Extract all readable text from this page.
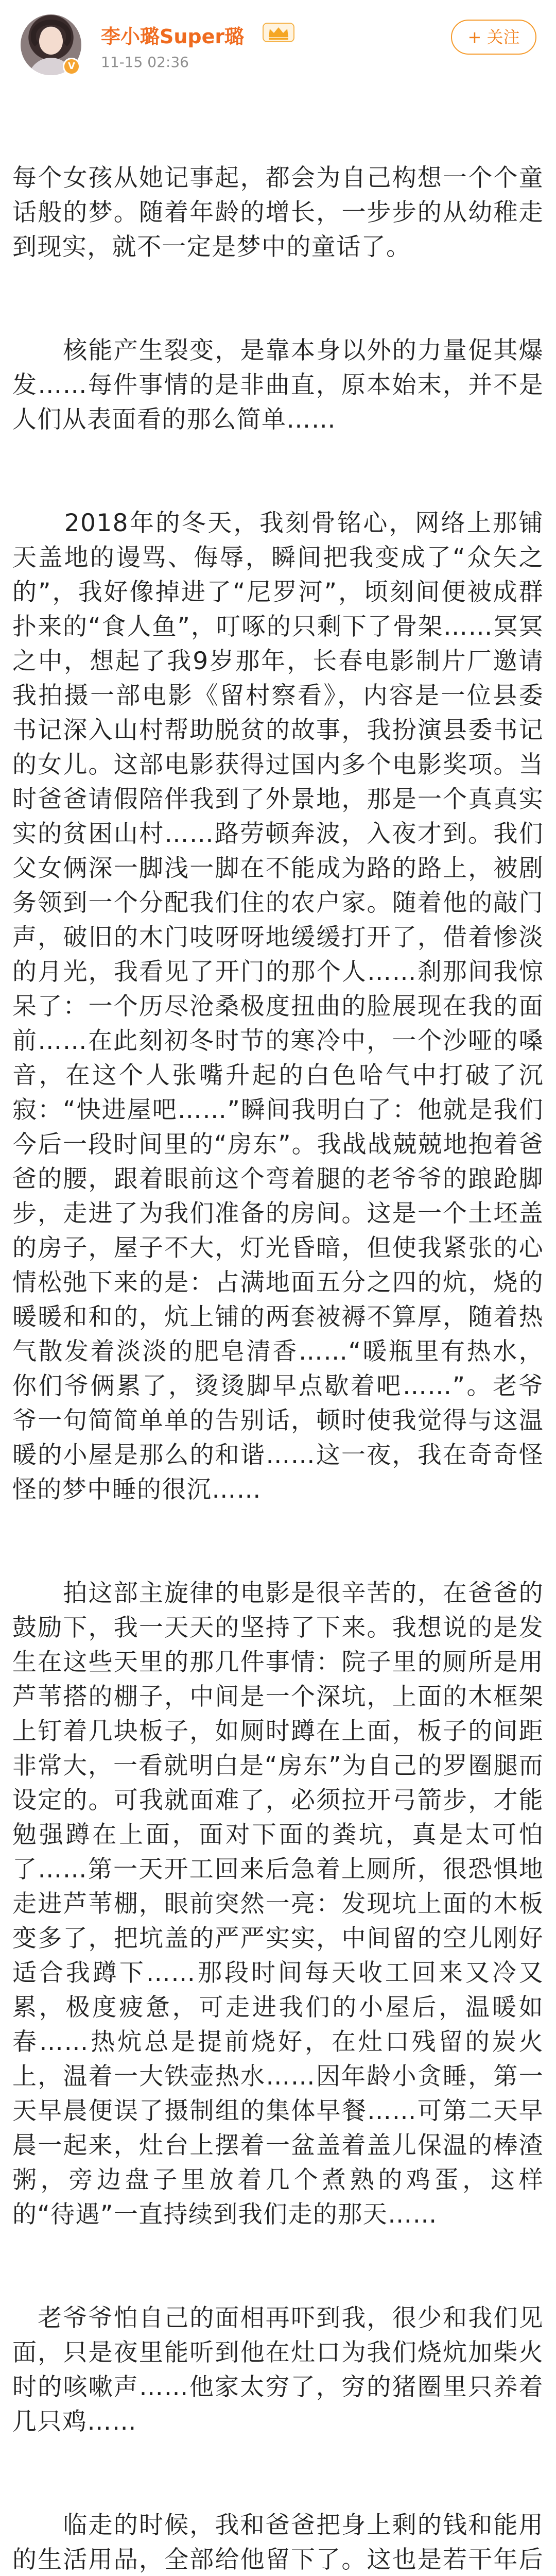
V
李小璐Super璐
11-15 02:36
+ 关注

每个女孩从她记事起，都会为自己构想一个个童话般的梦。随着年龄的增长，一步步的从幼稚走到现实，就不一定是梦中的童话了。

　　核能产生裂变，是靠本身以外的力量促其爆发……每件事情的是非曲直，原本始末，并不是人们从表面看的那么简单……

　　2018年的冬天，我刻骨铭心，网络上那铺天盖地的谩骂、侮辱，瞬间把我变成了“众矢之的”，我好像掉进了“尼罗河”，顷刻间便被成群扑来的“食人鱼”，叮啄的只剩下了骨架……冥冥之中，想起了我9岁那年，长春电影制片厂邀请我拍摄一部电影《留村察看》，内容是一位县委书记深入山村帮助脱贫的故事，我扮演县委书记的女儿。这部电影获得过国内多个电影奖项。当时爸爸请假陪伴我到了外景地，那是一个真真实实的贫困山村……路劳顿奔波，入夜才到。我们父女俩深一脚浅一脚在不能成为路的路上，被剧务领到一个分配我们住的农户家。随着他的敲门声，破旧的木门吱呀呀地缓缓打开了，借着惨淡的月光，我看见了开门的那个人……刹那间我惊呆了：一个历尽沧桑极度扭曲的脸展现在我的面前……在此刻初冬时节的寒冷中，一个沙哑的嗓音，在这个人张嘴升起的白色哈气中打破了沉寂：“快进屋吧……”瞬间我明白了：他就是我们今后一段时间里的“房东”。我战战兢兢地抱着爸爸的腰，跟着眼前这个弯着腿的老爷爷的踉跄脚步，走进了为我们准备的房间。这是一个土坯盖的房子，屋子不大，灯光昏暗，但使我紧张的心情松弛下来的是：占满地面五分之四的炕，烧的暖暖和和的，炕上铺的两套被褥不算厚，随着热气散发着淡淡的肥皂清香……“暖瓶里有热水，你们爷俩累了，烫烫脚早点歇着吧……”。老爷爷一句简简单单的告别话，顿时使我觉得与这温暖的小屋是那么的和谐……这一夜，我在奇奇怪怪的梦中睡的很沉……

　　拍这部主旋律的电影是很辛苦的，在爸爸的鼓励下，我一天天的坚持了下来。我想说的是发生在这些天里的那几件事情：院子里的厕所是用芦苇搭的棚子，中间是一个深坑，上面的木框架上钉着几块板子，如厕时蹲在上面，板子的间距非常大，一看就明白是“房东”为自己的罗圈腿而设定的。可我就面难了，必须拉开弓箭步，才能勉强蹲在上面，面对下面的粪坑，真是太可怕了……第一天开工回来后急着上厕所，很恐惧地走进芦苇棚，眼前突然一亮：发现坑上面的木板变多了，把坑盖的严严实实，中间留的空儿刚好适合我蹲下……那段时间每天收工回来又冷又累，极度疲惫，可走进我们的小屋后，温暖如春……热炕总是提前烧好，在灶口残留的炭火上，温着一大铁壶热水……因年龄小贪睡，第一天早晨便误了摄制组的集体早餐……可第二天早晨一起来，灶台上摆着一盆盖着盖儿保温的棒渣粥，旁边盘子里放着几个煮熟的鸡蛋，这样的“待遇”一直持续到我们走的那天……

　老爷爷怕自己的面相再吓到我，很少和我们见面，只是夜里能听到他在灶口为我们烧炕加柴火时的咳嗽声……他家太穷了，穷的猪圈里只养着几只鸡……

　　临走的时候，我和爸爸把身上剩的钱和能用的生活用品，全部给他留下了。这也是若干年后
